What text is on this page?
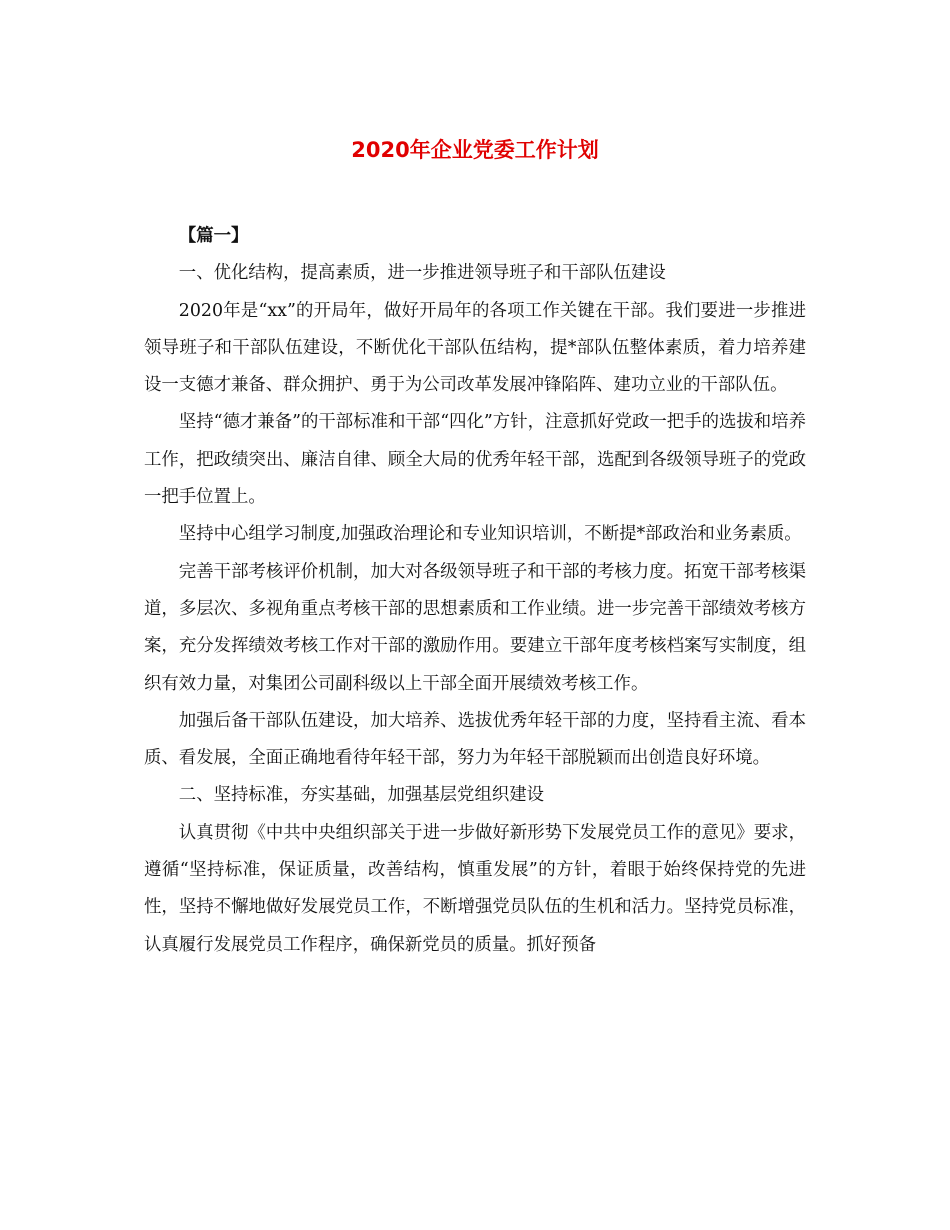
2020年企业党委工作计划

【篇一】

一、优化结构，提高素质，进一步推进领导班子和干部队伍建设

2020年是“xx”的开局年，做好开局年的各项工作关键在干部。我们要进一步推进领导班子和干部队伍建设，不断优化干部队伍结构，提*部队伍整体素质，着力培养建设一支德才兼备、群众拥护、勇于为公司改革发展冲锋陷阵、建功立业的干部队伍。

坚持“德才兼备”的干部标准和干部“四化”方针，注意抓好党政一把手的选拔和培养工作，把政绩突出、廉洁自律、顾全大局的优秀年轻干部，选配到各级领导班子的党政一把手位置上。

坚持中心组学习制度,加强政治理论和专业知识培训，不断提*部政治和业务素质。

完善干部考核评价机制，加大对各级领导班子和干部的考核力度。拓宽干部考核渠道，多层次、多视角重点考核干部的思想素质和工作业绩。进一步完善干部绩效考核方案，充分发挥绩效考核工作对干部的激励作用。要建立干部年度考核档案写实制度，组织有效力量，对集团公司副科级以上干部全面开展绩效考核工作。

加强后备干部队伍建设，加大培养、选拔优秀年轻干部的力度，坚持看主流、看本质、看发展，全面正确地看待年轻干部，努力为年轻干部脱颖而出创造良好环境。

二、坚持标准，夯实基础，加强基层党组织建设

认真贯彻《中共中央组织部关于进一步做好新形势下发展党员工作的意见》要求，遵循“坚持标准，保证质量，改善结构，慎重发展”的方针，着眼于始终保持党的先进性，坚持不懈地做好发展党员工作，不断增强党员队伍的生机和活力。坚持党员标准，认真履行发展党员工作程序，确保新党员的质量。抓好预备
